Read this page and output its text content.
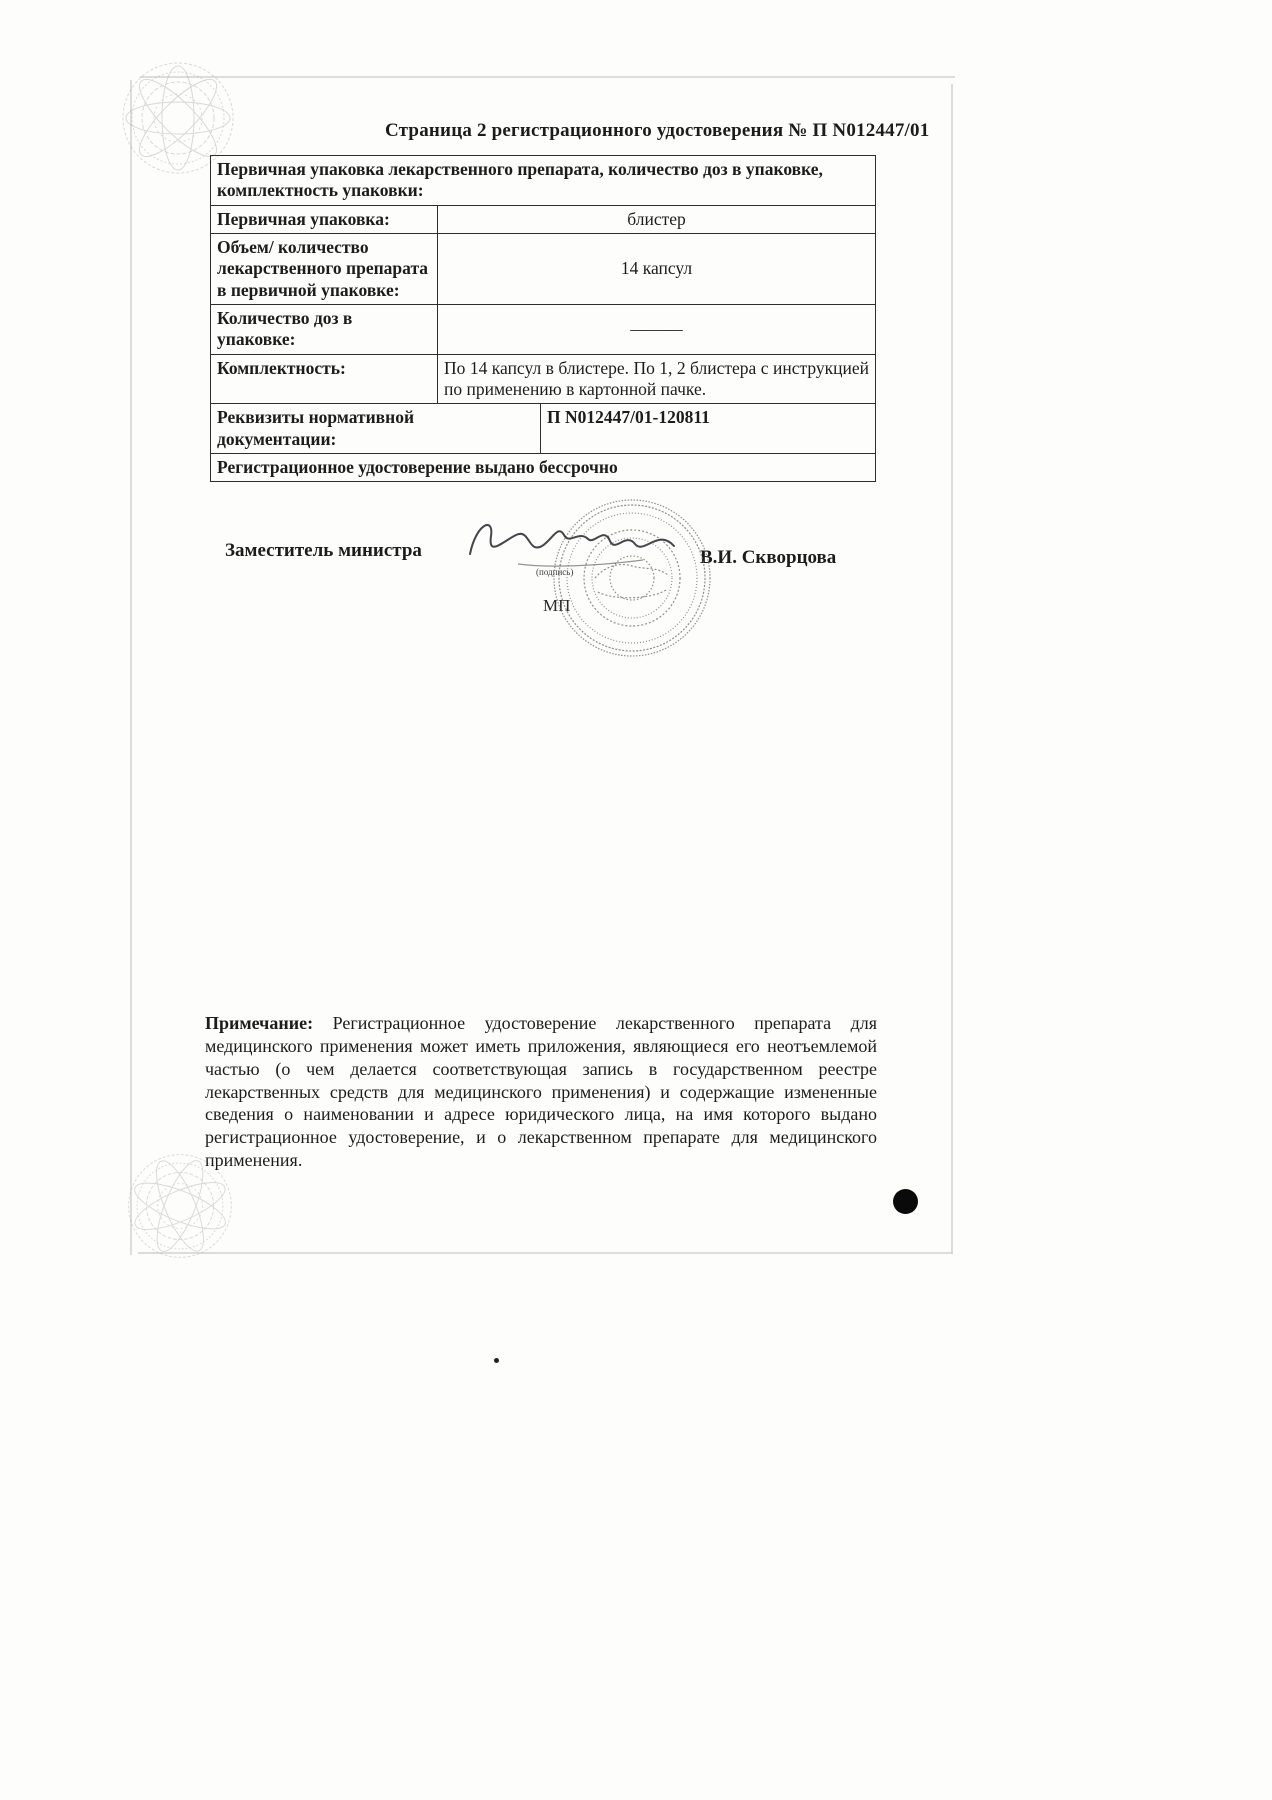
Страница 2 регистрационного удостоверения № П N012447/01
Первичная упаковка лекарственного препарата, количество доз в упаковке, комплектность упаковки:
Первичная упаковка:	блистер
Объем/ количество лекарственного препарата в первичной упаковке:
14 капсул
Количество доз в упаковке:
———
Комплектность:	По 14 капсул в блистере. По 1, 2 блистера с инструкцией по применению в картонной пачке.
Реквизиты нормативной документации:
П N012447/01-120811
Регистрационное удостоверение выдано бессрочно
Заместитель министра
(подпись)
МП
В.И. Скворцова
Примечание: Регистрационное удостоверение лекарственного препарата для медицинского применения может иметь приложения, являющиеся его неотъемлемой частью (о чем делается соответствующая запись в государственном реестре лекарственных средств для медицинского применения) и содержащие измененные сведения о наименовании и адресе юридического лица, на имя которого выдано регистрационное удостоверение, и о лекарственном препарате для медицинского применения.
